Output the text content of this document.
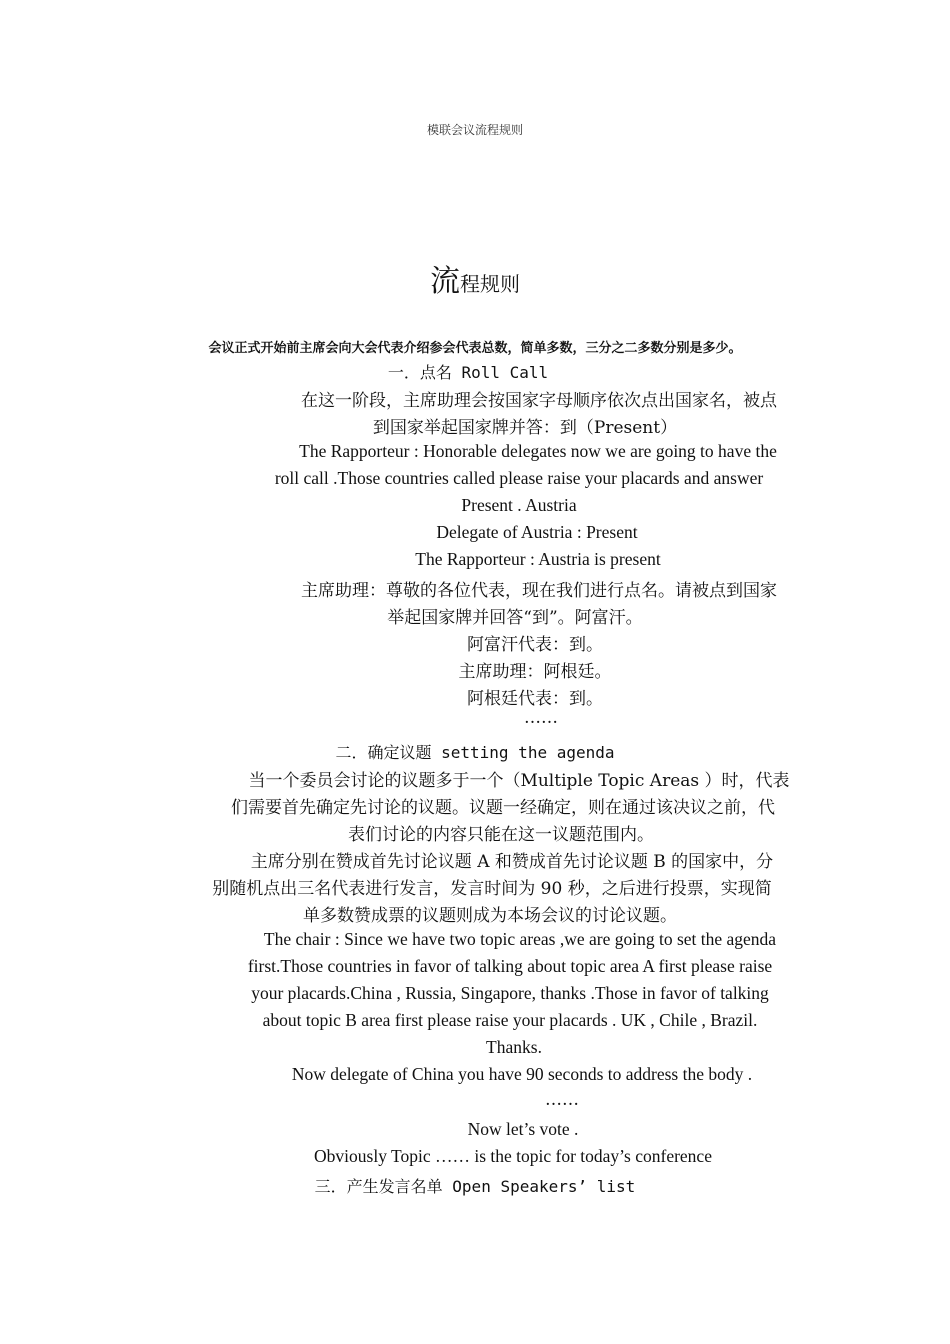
模联会议流程规则
流程规则
会议正式开始前主席会向大会代表介绍参会代表总数，简单多数，三分之二多数分别是多少。
一．点名 Roll Call
在这一阶段，主席助理会按国家字母顺序依次点出国家名，被点
到国家举起国家牌并答：到（Present）
The Rapporteur : Honorable delegates now we are going to have the
roll call .Those countries called please raise your placards and answer
Present . Austria
Delegate of Austria : Present
The Rapporteur : Austria is present
主席助理：尊敬的各位代表，现在我们进行点名。请被点到国家
举起国家牌并回答“到”。阿富汗。
阿富汗代表：到。
主席助理：阿根廷。
阿根廷代表：到。
……
二．确定议题 setting the agenda
当一个委员会讨论的议题多于一个（Multiple Topic Areas ）时，代表
们需要首先确定先讨论的议题。议题一经确定，则在通过该决议之前，代
表们讨论的内容只能在这一议题范围内。
主席分别在赞成首先讨论议题 A 和赞成首先讨论议题 B 的国家中，分
别随机点出三名代表进行发言，发言时间为 90 秒，之后进行投票，实现简
单多数赞成票的议题则成为本场会议的讨论议题。
The chair : Since we have two topic areas ,we are going to set the agenda
first.Those countries in favor of talking about topic area A first please raise
your placards.China , Russia, Singapore, thanks .Those in favor of talking
about topic B area first please raise your placards . UK , Chile , Brazil.
Thanks.
Now delegate of China you have 90 seconds to address the body .
……
Now let’s vote .
Obviously Topic …… is the topic for today’s conference
三．产生发言名单 Open Speakers’ list
